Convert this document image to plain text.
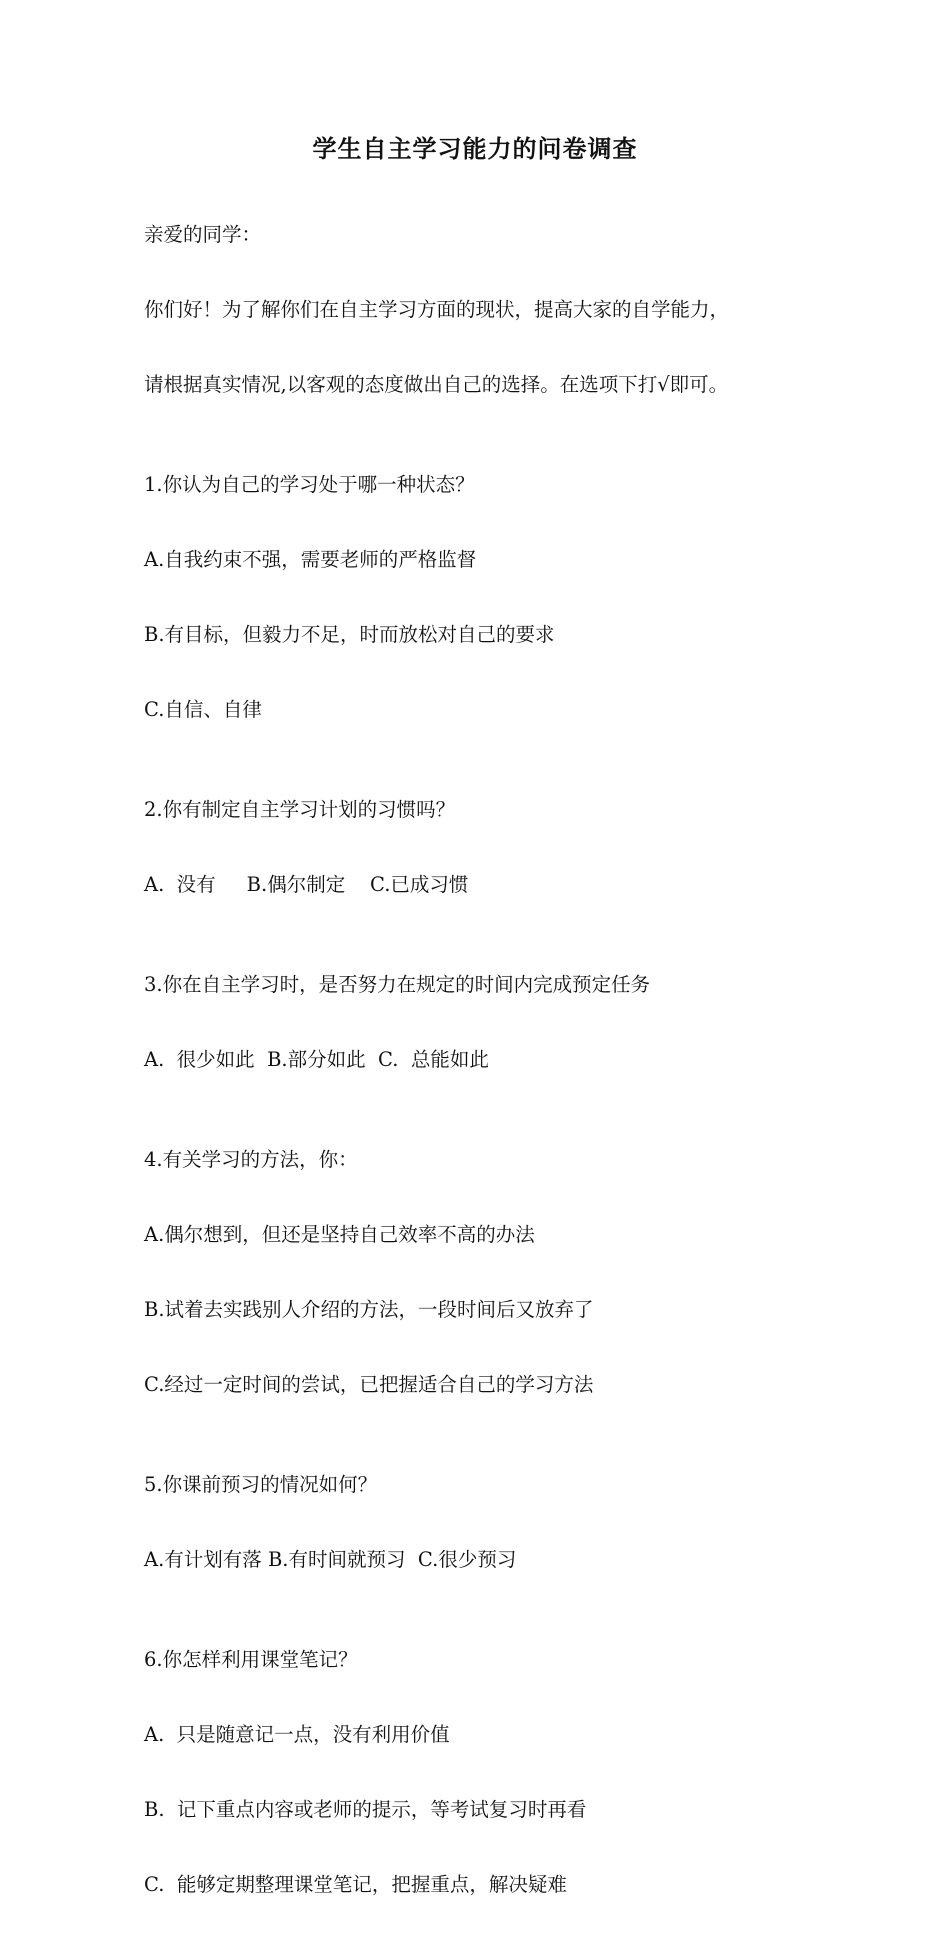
学生自主学习能力的问卷调查

亲爱的同学：

你们好！为了解你们在自主学习方面的现状，提高大家的自学能力，

请根据真实情况,以客观的态度做出自己的选择。在选项下打√即可。

1.你认为自己的学习处于哪一种状态？

A.自我约束不强，需要老师的严格监督

B.有目标，但毅力不足，时而放松对自己的要求

C.自信、自律

2.你有制定自主学习计划的习惯吗？

A.  没有     B.偶尔制定    C.已成习惯

3.你在自主学习时，是否努力在规定的时间内完成预定任务

A.  很少如此  B.部分如此  C.  总能如此

4.有关学习的方法，你：

A.偶尔想到，但还是坚持自己效率不高的办法

B.试着去实践别人介绍的方法，一段时间后又放弃了

C.经过一定时间的尝试，已把握适合自己的学习方法

5.你课前预习的情况如何？

A.有计划有落 B.有时间就预习  C.很少预习

6.你怎样利用课堂笔记？

A.  只是随意记一点，没有利用价值

B.  记下重点内容或老师的提示，等考试复习时再看

C.  能够定期整理课堂笔记，把握重点，解决疑难
